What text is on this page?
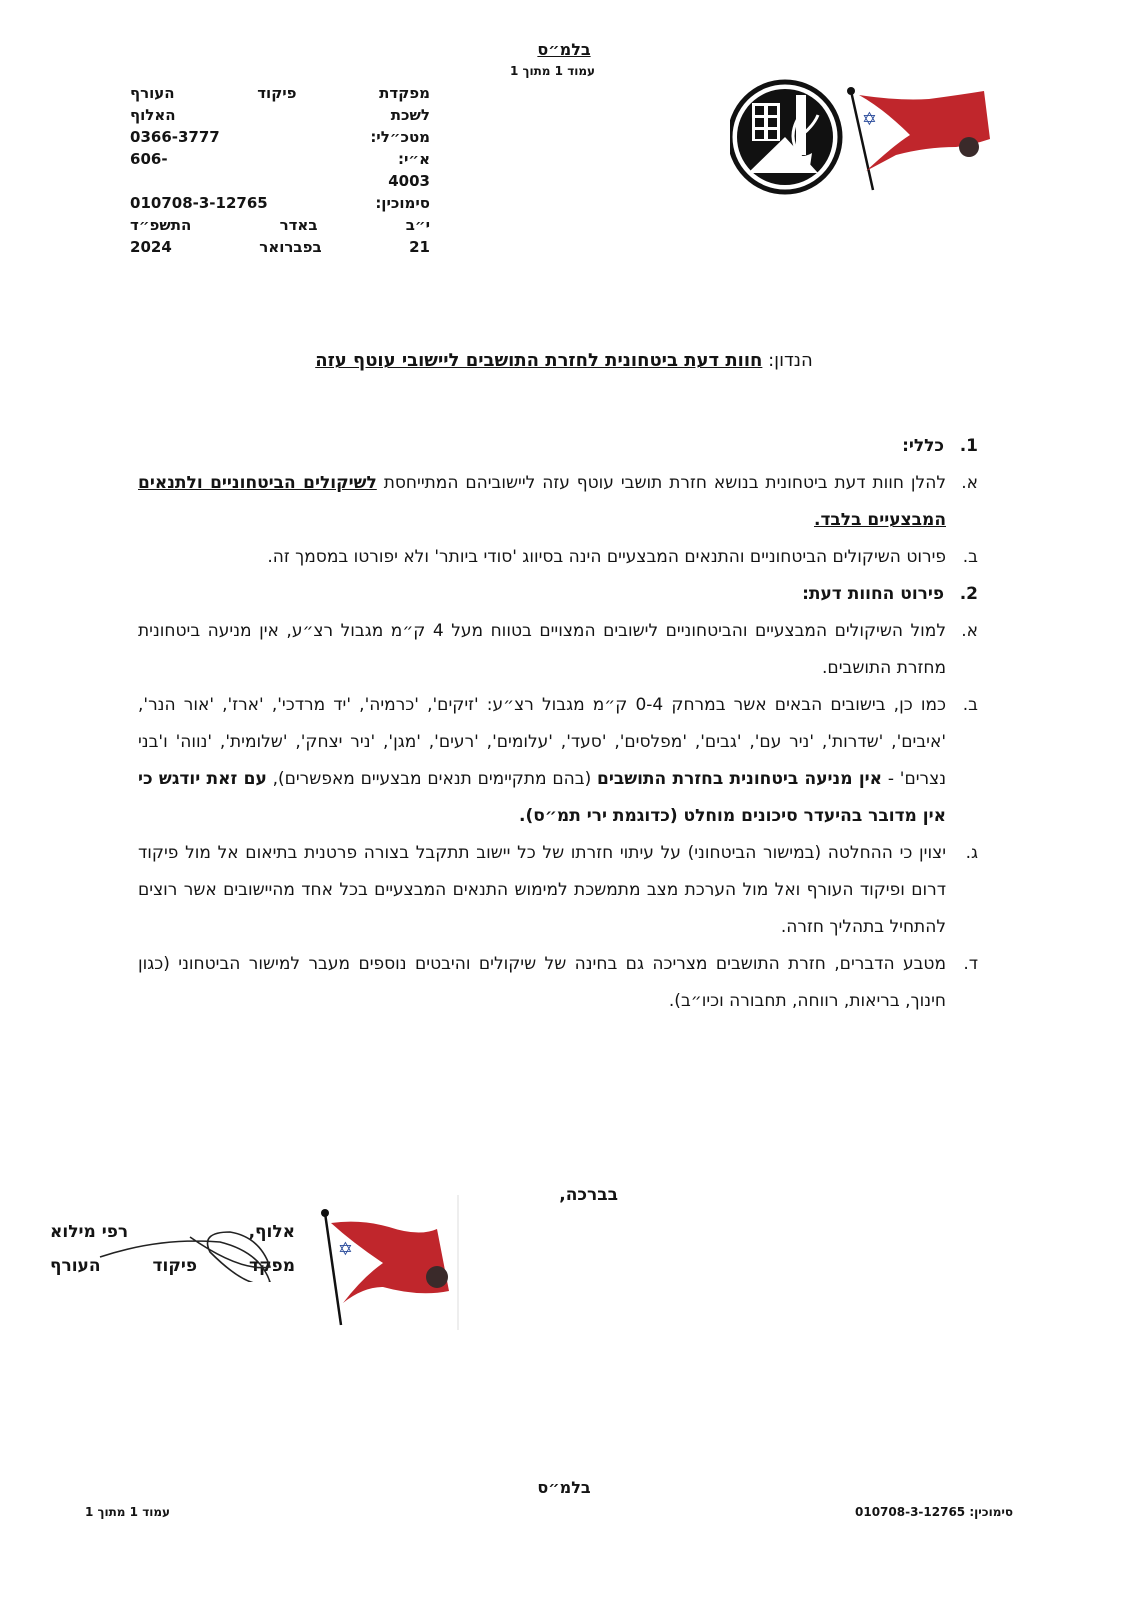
בלמ״ס
עמוד 1 מתוך 1
מפקדת
פיקוד
העורף
לשכת
האלוף
מטכ״לי:
0366-3777
א״י:
606-
4003
סימוכין:
010708-3-12765
י״ב
באדר
התשפ״ד
21
בפברואר
2024
✡
הנדון: חוות דעת ביטחונית לחזרת התושבים ליישובי עוטף עזה
1. כללי:
א.
להלן חוות דעת ביטחונית בנושא חזרת תושבי עוטף עזה ליישוביהם המתייחסת לשיקולים הביטחוניים ולתנאים המבצעיים בלבד.
ב.
פירוט השיקולים הביטחוניים והתנאים המבצעיים הינה בסיווג 'סודי ביותר' ולא יפורטו במסמך זה.
2. פירוט החוות דעת:
א.
למול השיקולים המבצעיים והביטחוניים לישובים המצויים בטווח מעל 4 ק״מ מגבול רצ״ע, אין מניעה ביטחונית מחזרת התושבים.
ב.
כמו כן, בישובים הבאים אשר במרחק 0-4 ק״מ מגבול רצ״ע: 'זיקים', 'כרמיה', 'יד מרדכי', 'ארז', 'אור הנר', 'איבים', 'שדרות', 'ניר עם', 'גבים', 'מפלסים', 'סעד', 'עלומים', 'רעים', 'מגן', 'ניר יצחק', 'שלומית', 'נווה' ו'בני נצרים' - אין מניעה ביטחונית בחזרת התושבים (בהם מתקיימים תנאים מבצעיים מאפשרים), עם זאת יודגש כי אין מדובר בהיעדר סיכונים מוחלט (כדוגמת ירי תמ״ס).
ג.
יצוין כי ההחלטה (במישור הביטחוני) על עיתוי חזרתו של כל יישוב תתקבל בצורה פרטנית בתיאום אל מול פיקוד דרום ופיקוד העורף ואל מול הערכת מצב מתמשכת למימוש התנאים המבצעיים בכל אחד מהיישובים אשר רוצים להתחיל בתהליך חזרה.
ד.
מטבע הדברים, חזרת התושבים מצריכה גם בחינה של שיקולים והיבטים נוספים מעבר למישור הביטחוני (כגון חינוך, בריאות, רווחה, תחבורה וכיו״ב).
בברכה,
✡
אלוף,
רפי מילוא
מפקד
פיקוד
העורף
בלמ״ס
עמוד 1 מתוך 1	סימוכין: 010708-3-12765
